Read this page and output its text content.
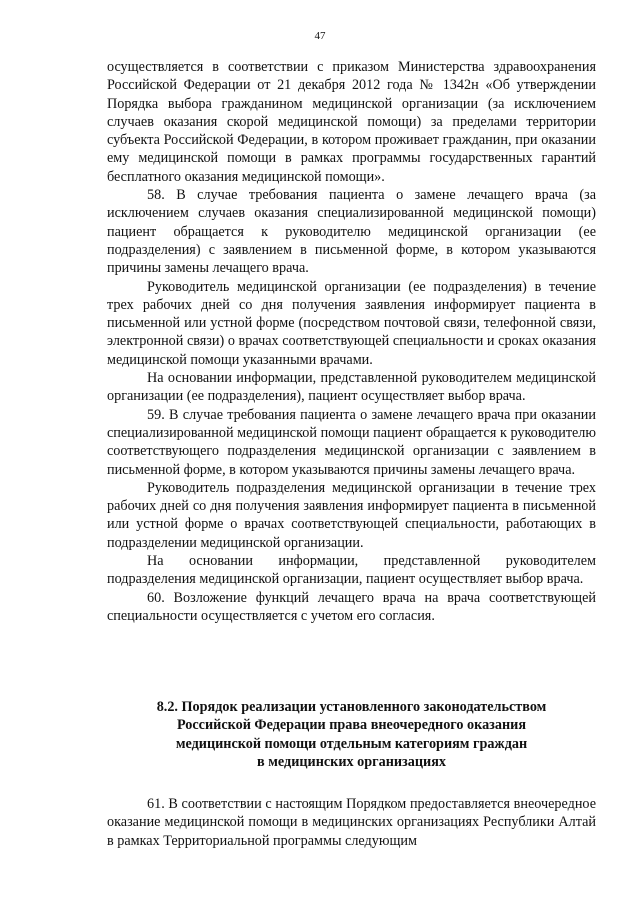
47

осуществляется в соответствии с приказом Министерства здравоохранения Российской Федерации от 21 декабря 2012 года № 1342н «Об утверждении Порядка выбора гражданином медицинской организации (за исключением случаев оказания скорой медицинской помощи) за пределами территории субъекта Российской Федерации, в котором проживает гражданин, при оказании ему медицинской помощи в рамках программы государственных гарантий бесплатного оказания медицинской помощи».

58. В случае требования пациента о замене лечащего врача (за исключением случаев оказания специализированной медицинской помощи) пациент обращается к руководителю медицинской организации (ее подразделения) с заявлением в письменной форме, в котором указываются причины замены лечащего врача.

Руководитель медицинской организации (ее подразделения) в течение трех рабочих дней со дня получения заявления информирует пациента в письменной или устной форме (посредством почтовой связи, телефонной связи, электронной связи) о врачах соответствующей специальности и сроках оказания медицинской помощи указанными врачами.

На основании информации, представленной руководителем медицинской организации (ее подразделения), пациент осуществляет выбор врача.

59. В случае требования пациента о замене лечащего врача при оказании специализированной медицинской помощи пациент обращается к руководителю соответствующего подразделения медицинской организации с заявлением в письменной форме, в котором указываются причины замены лечащего врача.

Руководитель подразделения медицинской организации в течение трех рабочих дней со дня получения заявления информирует пациента в письменной или устной форме о врачах соответствующей специальности, работающих в подразделении медицинской организации.

На основании информации, представленной руководителем подразделения медицинской организации, пациент осуществляет выбор врача.

60. Возложение функций лечащего врача на врача соответствующей специальности осуществляется с учетом его согласия.

8.2. Порядок реализации установленного законодательством
Российской Федерации права внеочередного оказания
медицинской помощи отдельным категориям граждан
в медицинских организациях

61. В соответствии с настоящим Порядком предоставляется внеочередное оказание медицинской помощи в медицинских организациях Республики Алтай в рамках Территориальной программы следующим
